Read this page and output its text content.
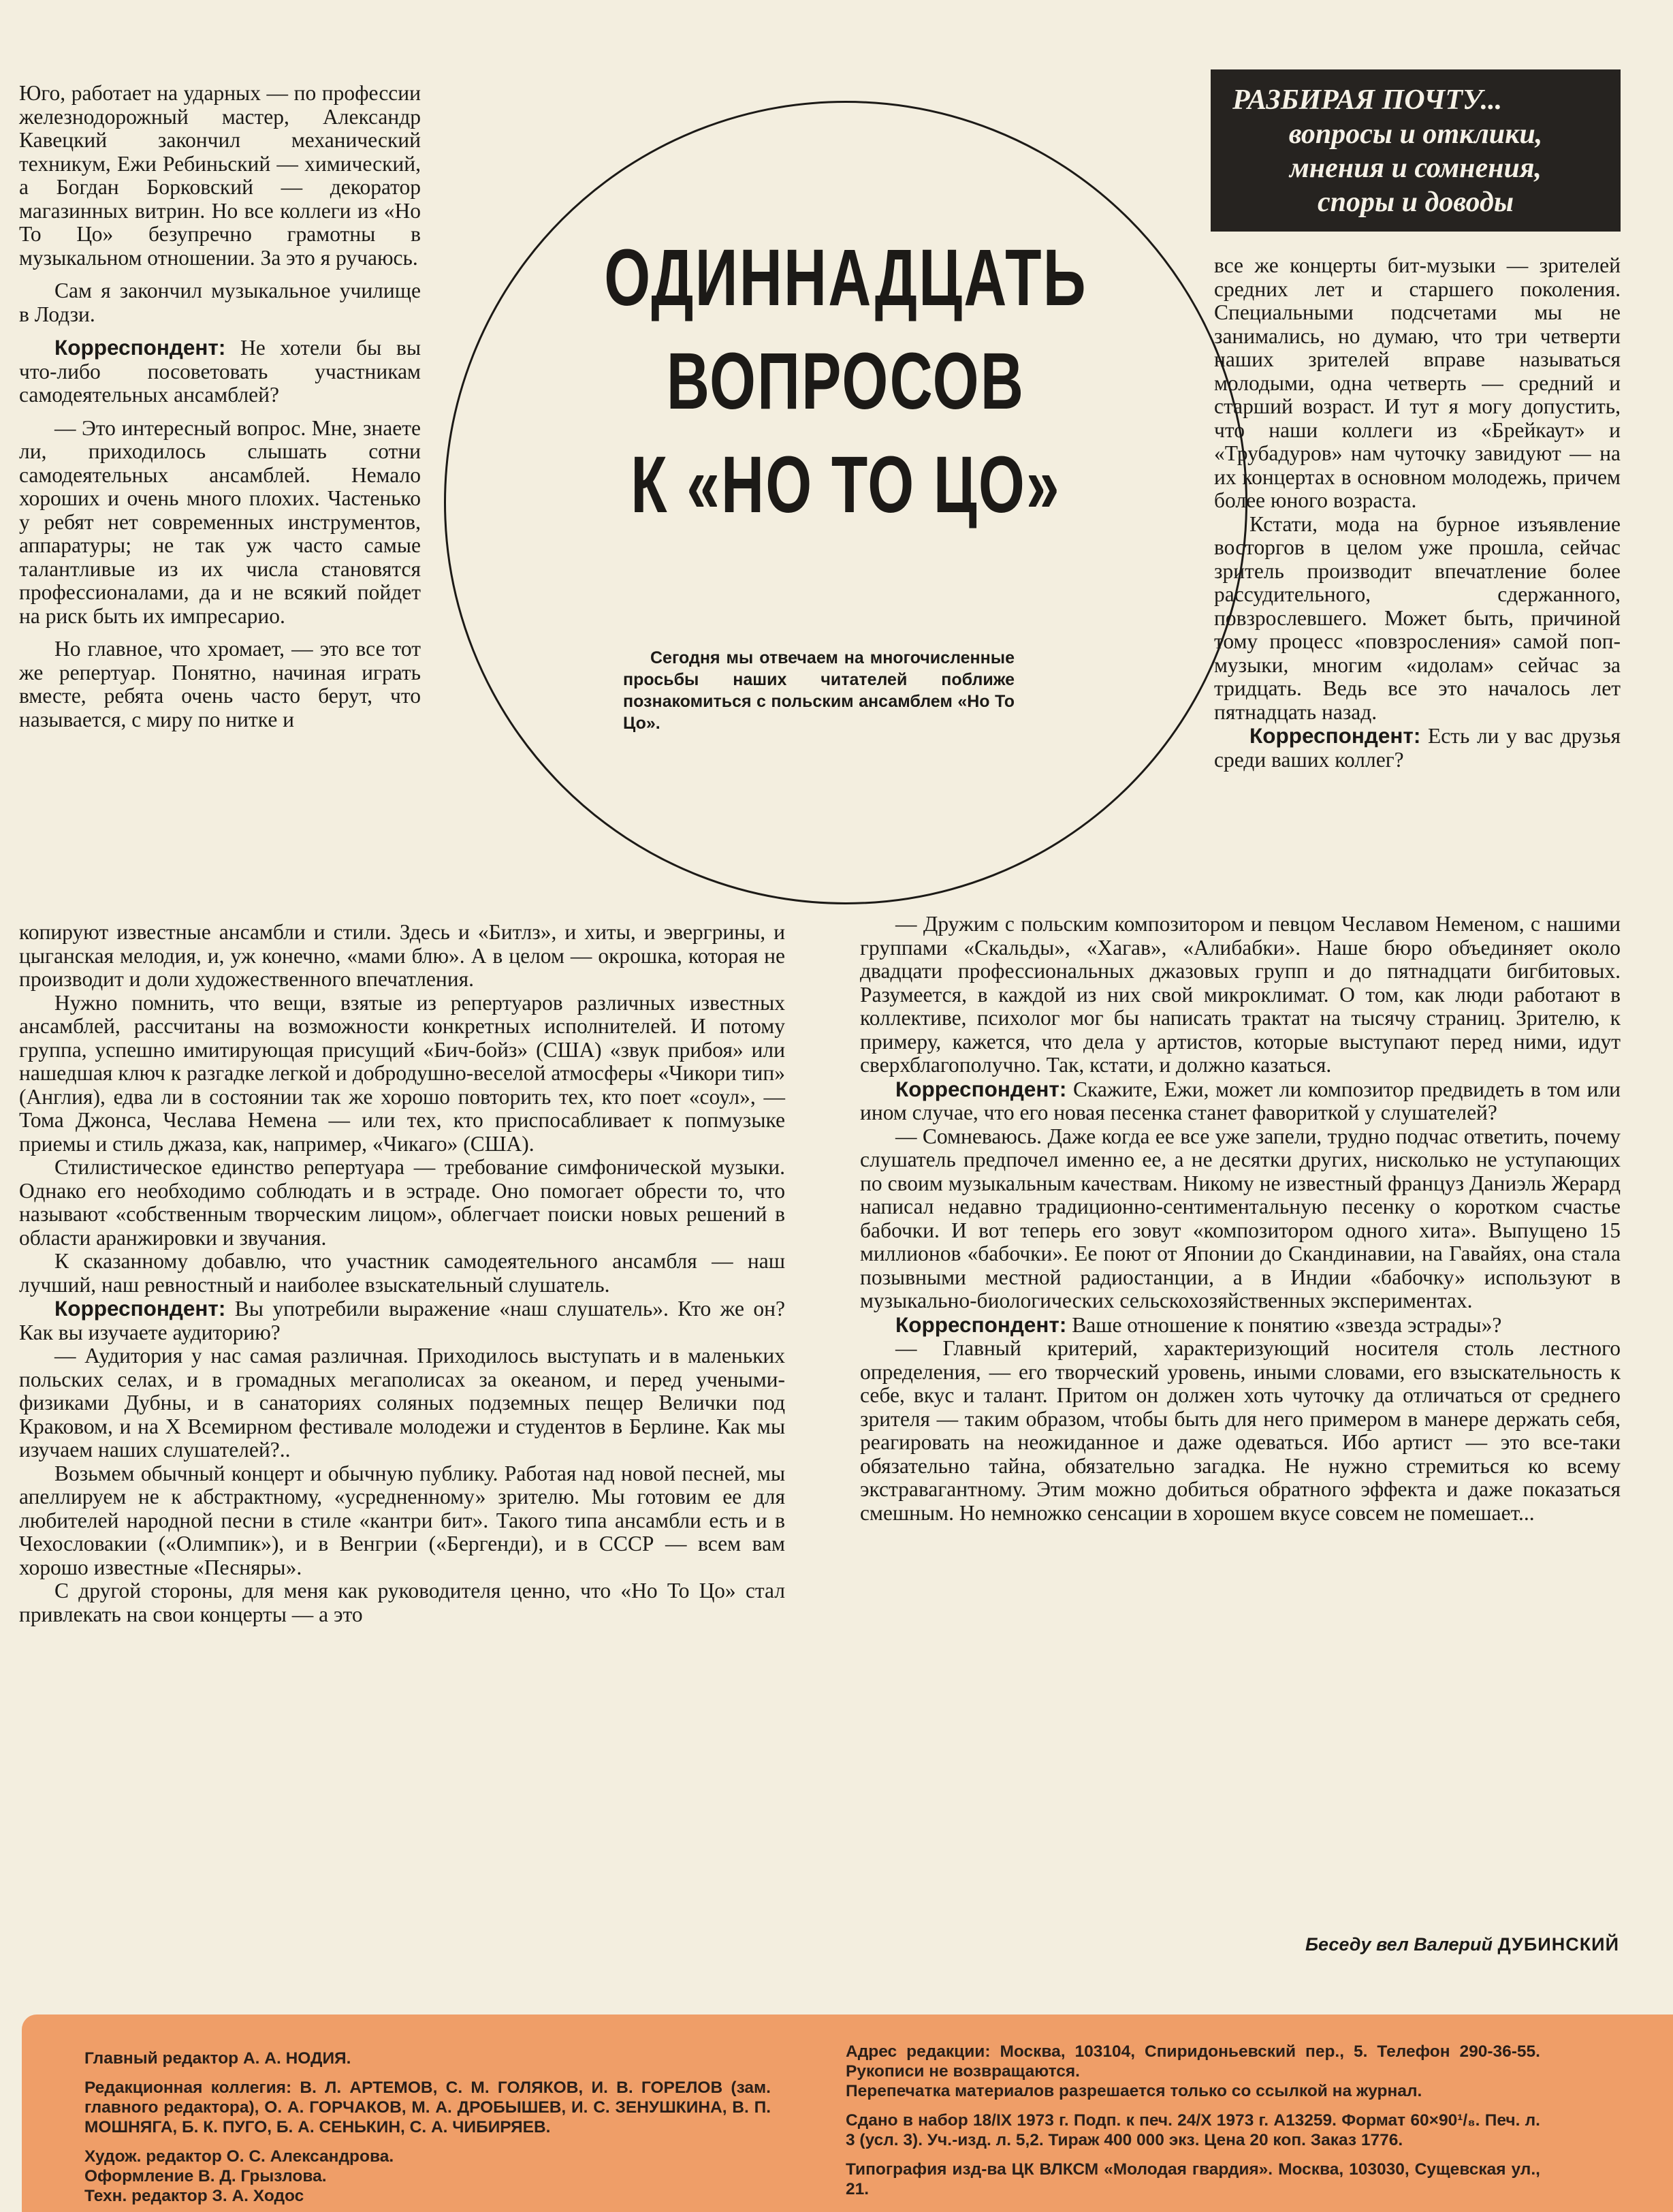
РАЗБИРАЯ ПОЧТУ...
вопросы и отклики,
мнения и сомнения,
споры и доводы
ОДИННАДЦАТЬ
ВОПРОСОВ
К «НО ТО ЦО»

Сегодня мы отвечаем на многочисленные просьбы наших читателей поближе познакомиться с польским ансамблем «Но То Цо».

Юго, работает на ударных — по профессии железнодорожный мастер, Александр Кавецкий закончил механический техникум, Ежи Ребиньский — химический, а Богдан Борковский — декоратор магазинных витрин. Но все коллеги из «Но То Цо» безупречно грамотны в музыкальном отношении. За это я ручаюсь.

Сам я закончил музыкальное училище в Лодзи.

Корреспондент: Не хотели бы вы что-либо посоветовать участникам самодеятельных ансамблей?

— Это интересный вопрос. Мне, знаете ли, приходилось слышать сотни самодеятельных ансамблей. Немало хороших и очень много плохих. Частенько у ребят нет современных инструментов, аппаратуры; не так уж часто самые талантливые из их числа становятся профессионалами, да и не всякий пойдет на риск быть их импресарио.

Но главное, что хромает, — это все тот же репертуар. Понятно, начиная играть вместе, ребята очень часто берут, что называется, с миру по нитке и

все же концерты бит-музыки — зрителей средних лет и старшего поколения. Специальными подсчетами мы не занимались, но думаю, что три четверти наших зрителей вправе называться молодыми, одна четверть — средний и старший возраст. И тут я могу допустить, что наши коллеги из «Брейкаут» и «Трубадуров» нам чуточку завидуют — на их концертах в основном молодежь, причем более юного возраста.

Кстати, мода на бурное изъявление восторгов в целом уже прошла, сейчас зритель производит впечатление более рассудительного, сдержанного, повзрослевшего. Может быть, причиной тому процесс «повзросления» самой поп-музыки, многим «идолам» сейчас за тридцать. Ведь все это началось лет пятнадцать назад.

Корреспондент: Есть ли у вас друзья среди ваших коллег?

копируют известные ансамбли и стили. Здесь и «Битлз», и хиты, и эвергрины, и цыганская мелодия, и, уж конечно, «мами блю». А в целом — окрошка, которая не производит и доли художественного впечатления.

Нужно помнить, что вещи, взятые из репертуаров различных известных ансамблей, рассчитаны на возможности конкретных исполнителей. И потому группа, успешно имитирующая присущий «Бич-бойз» (США) «звук прибоя» или нашедшая ключ к разгадке легкой и добродушно-веселой атмосферы «Чикори тип» (Англия), едва ли в состоянии так же хорошо повторить тех, кто поет «соул», — Тома Джонса, Чеслава Немена — или тех, кто приспосабливает к попмузыке приемы и стиль джаза, как, например, «Чикаго» (США).

Стилистическое единство репертуара — требование симфонической музыки. Однако его необходимо соблюдать и в эстраде. Оно помогает обрести то, что называют «собственным творческим лицом», облегчает поиски новых решений в области аранжировки и звучания.

К сказанному добавлю, что участник самодеятельного ансамбля — наш лучший, наш ревностный и наиболее взыскательный слушатель.

Корреспондент: Вы употребили выражение «наш слушатель». Кто же он? Как вы изучаете аудиторию?

— Аудитория у нас самая различная. Приходилось выступать и в маленьких польских селах, и в громадных мегаполисах за океаном, и перед учеными-физиками Дубны, и в санаториях соляных подземных пещер Велички под Краковом, и на X Всемирном фестивале молодежи и студентов в Берлине. Как мы изучаем наших слушателей?..

Возьмем обычный концерт и обычную публику. Работая над новой песней, мы апеллируем не к абстрактному, «усредненному» зрителю. Мы готовим ее для любителей народной песни в стиле «кантри бит». Такого типа ансамбли есть и в Чехословакии («Олимпик»), и в Венгрии («Бергенди), и в СССР — всем вам хорошо известные «Песняры».

С другой стороны, для меня как руководителя ценно, что «Но То Цо» стал привлекать на свои концерты — а это

— Дружим с польским композитором и певцом Чеславом Неменом, с нашими группами «Скальды», «Хагав», «Алибабки». Наше бюро объединяет около двадцати профессиональных джазовых групп и до пятнадцати бигбитовых. Разумеется, в каждой из них свой микроклимат. О том, как люди работают в коллективе, психолог мог бы написать трактат на тысячу страниц. Зрителю, к примеру, кажется, что дела у артистов, которые выступают перед ними, идут сверхблагополучно. Так, кстати, и должно казаться.

Корреспондент: Скажите, Ежи, может ли композитор предвидеть в том или ином случае, что его новая песенка станет фавориткой у слушателей?

— Сомневаюсь. Даже когда ее все уже запели, трудно подчас ответить, почему слушатель предпочел именно ее, а не десятки других, нисколько не уступающих по своим музыкальным качествам. Никому не известный француз Даниэль Жерард написал недавно традиционно-сентиментальную песенку о коротком счастье бабочки. И вот теперь его зовут «композитором одного хита». Выпущено 15 миллионов «бабочки». Ее поют от Японии до Скандинавии, на Гавайях, она стала позывными местной радиостанции, а в Индии «бабочку» используют в музыкально-биологических сельскохозяйственных экспериментах.

Корреспондент: Ваше отношение к понятию «звезда эстрады»?

— Главный критерий, характеризующий носителя столь лестного определения, — его творческий уровень, иными словами, его взыскательность к себе, вкус и талант. Притом он должен хоть чуточку да отличаться от среднего зрителя — таким образом, чтобы быть для него примером в манере держать себя, реагировать на неожиданное и даже одеваться. Ибо артист — это все-таки обязательно тайна, обязательно загадка. Не нужно стремиться ко всему экстравагантному. Этим можно добиться обратного эффекта и даже показаться смешным. Но немножко сенсации в хорошем вкусе совсем не помешает...

Беседу вел Валерий ДУБИНСКИЙ

Главный редактор А. А. НОДИЯ.

Редакционная коллегия: В. Л. АРТЕМОВ, С. М. ГОЛЯКОВ, И. В. ГОРЕЛОВ (зам. главного редактора), О. А. ГОРЧАКОВ, М. А. ДРОБЫШЕВ, И. С. ЗЕНУШКИНА, В. П. МОШНЯГА, Б. К. ПУГО, Б. А. СЕНЬКИН, С. А. ЧИБИРЯЕВ.

Худож. редактор О. С. Александрова.

Оформление В. Д. Грызлова.

Техн. редактор З. А. Ходос

Адрес редакции: Москва, 103104, Спиридоньевский пер., 5. Телефон 290-36-55. Рукописи не возвращаются.

Перепечатка материалов разрешается только со ссылкой на журнал.

Сдано в набор 18/IX 1973 г. Подп. к печ. 24/X 1973 г. А13259. Формат 60×90¹/₈. Печ. л. 3 (усл. 3). Уч.-изд. л. 5,2. Тираж 400 000 экз. Цена 20 коп. Заказ 1776.

Типография изд-ва ЦК ВЛКСМ «Молодая гвардия». Москва, 103030, Сущевская ул., 21.
